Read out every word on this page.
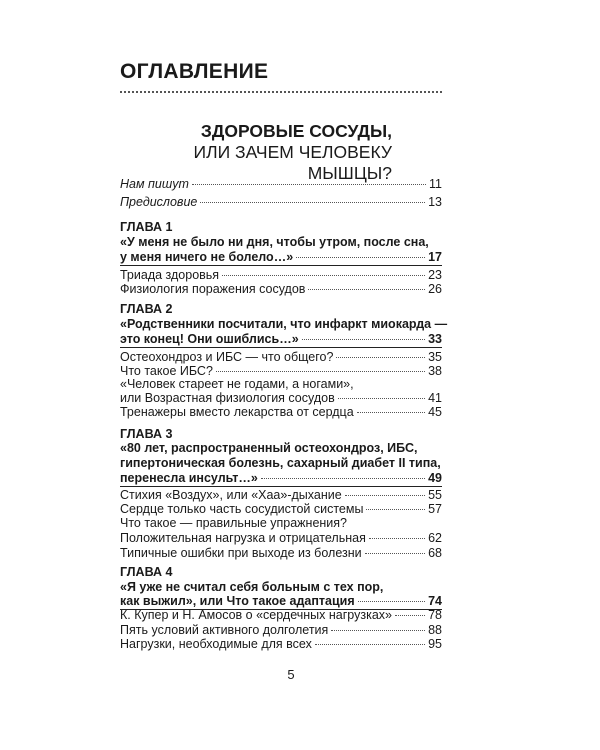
ОГЛАВЛЕНИЕ
ЗДОРОВЫЕ СОСУДЫ,
ИЛИ ЗАЧЕМ ЧЕЛОВЕКУ МЫШЦЫ?
Нам пишут	11
Предисловие	13
ГЛАВА 1
«У меня не было ни дня, чтобы утром, после сна,
у меня ничего не болело…»	17
Триада здоровья	23
Физиология поражения сосудов	26
ГЛАВА 2
«Родственники посчитали, что инфаркт миокарда —
это конец! Они ошиблись…»	33
Остеохондроз и ИБС — что общего?	35
Что такое ИБС?	38
«Человек стареет не годами, а ногами»,
или Возрастная физиология сосудов	41
Тренажеры вместо лекарства от сердца	45
ГЛАВА 3
«80 лет, распространенный остеохондроз, ИБС,
гипертоническая болезнь, сахарный диабет II типа,
перенесла инсульт…»	49
Стихия «Воздух», или «Хаа»-дыхание	55
Сердце только часть сосудистой системы	57
Что такое — правильные упражнения?
Положительная нагрузка и отрицательная	62
Типичные ошибки при выходе из болезни	68
ГЛАВА 4
«Я уже не считал себя больным с тех пор,
как выжил», или Что такое адаптация	74
К. Купер и Н. Амосов о «сердечных нагрузках»	78
Пять условий активного долголетия	88
Нагрузки, необходимые для всех	95
5
